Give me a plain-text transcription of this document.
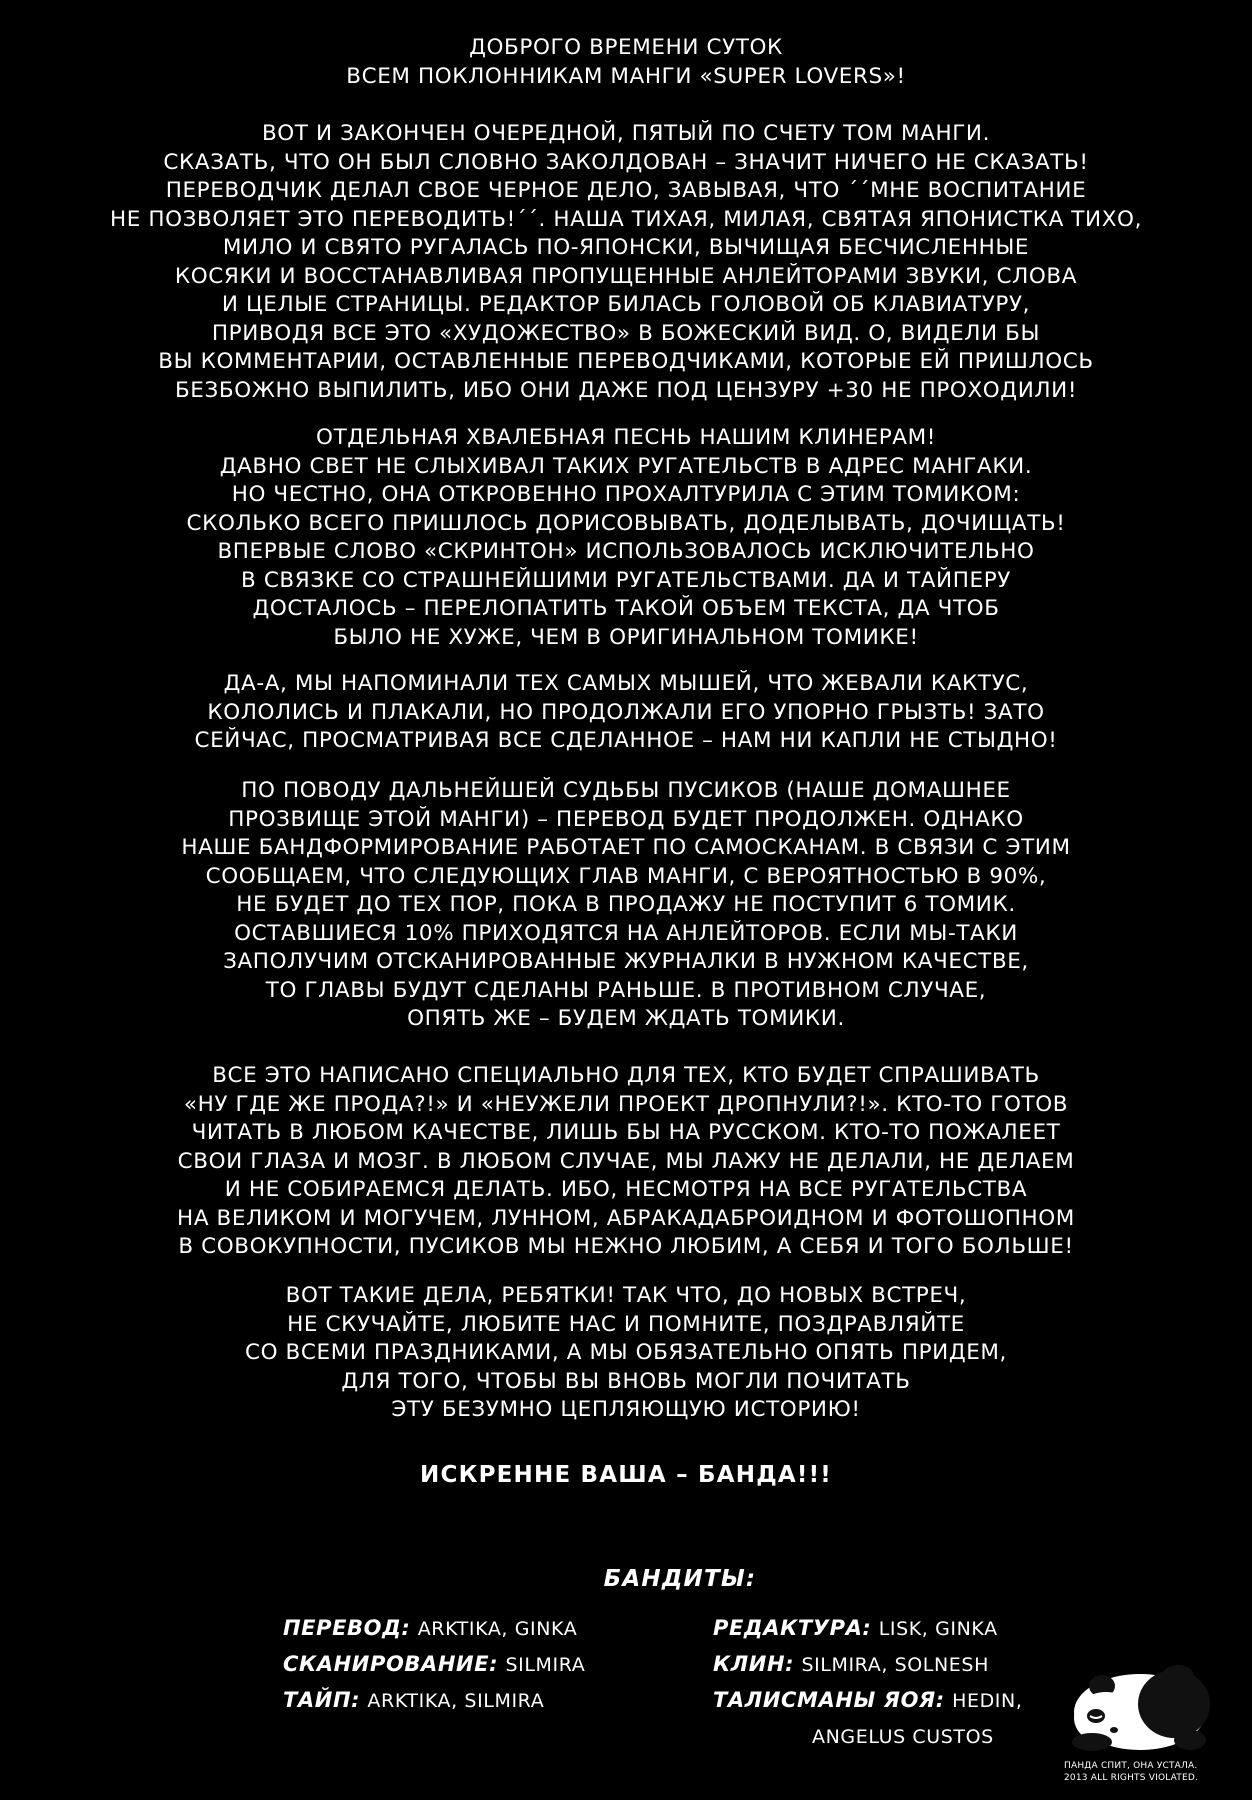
ДОБРОГО ВРЕМЕНИ СУТОК

ВСЕМ ПОКЛОННИКАМ МАНГИ «SUPER LOVERS»!

ВОТ И ЗАКОНЧЕН ОЧЕРЕДНОЙ, ПЯТЫЙ ПО СЧЕТУ ТОМ МАНГИ.

СКАЗАТЬ, ЧТО ОН БЫЛ СЛОВНО ЗАКОЛДОВАН – ЗНАЧИТ НИЧЕГО НЕ СКАЗАТЬ!

ПЕРЕВОДЧИК ДЕЛАЛ СВОЕ ЧЕРНОЕ ДЕЛО, ЗАВЫВАЯ, ЧТО ´´МНЕ ВОСПИТАНИЕ

НЕ ПОЗВОЛЯЕТ ЭТО ПЕРЕВОДИТЬ!´´. НАША ТИХАЯ, МИЛАЯ, СВЯТАЯ ЯПОНИСТКА ТИХО,

МИЛО И СВЯТО РУГАЛАСЬ ПО-ЯПОНСКИ, ВЫЧИЩАЯ БЕСЧИСЛЕННЫЕ

КОСЯКИ И ВОССТАНАВЛИВАЯ ПРОПУЩЕННЫЕ АНЛЕЙТОРАМИ ЗВУКИ, СЛОВА

И ЦЕЛЫЕ СТРАНИЦЫ. РЕДАКТОР БИЛАСЬ ГОЛОВОЙ ОБ КЛАВИАТУРУ,

ПРИВОДЯ ВСЕ ЭТО «ХУДОЖЕСТВО» В БОЖЕСКИЙ ВИД. О, ВИДЕЛИ БЫ

ВЫ КОММЕНТАРИИ, ОСТАВЛЕННЫЕ ПЕРЕВОДЧИКАМИ, КОТОРЫЕ ЕЙ ПРИШЛОСЬ

БЕЗБОЖНО ВЫПИЛИТЬ, ИБО ОНИ ДАЖЕ ПОД ЦЕНЗУРУ +30 НЕ ПРОХОДИЛИ!

ОТДЕЛЬНАЯ ХВАЛЕБНАЯ ПЕСНЬ НАШИМ КЛИНЕРАМ!

ДАВНО СВЕТ НЕ СЛЫХИВАЛ ТАКИХ РУГАТЕЛЬСТВ В АДРЕС МАНГАКИ.

НО ЧЕСТНО, ОНА ОТКРОВЕННО ПРОХАЛТУРИЛА С ЭТИМ ТОМИКОМ:

СКОЛЬКО ВСЕГО ПРИШЛОСЬ ДОРИСОВЫВАТЬ, ДОДЕЛЫВАТЬ, ДОЧИЩАТЬ!

ВПЕРВЫЕ СЛОВО «СКРИНТОН» ИСПОЛЬЗОВАЛОСЬ ИСКЛЮЧИТЕЛЬНО

В СВЯЗКЕ СО СТРАШНЕЙШИМИ РУГАТЕЛЬСТВАМИ. ДА И ТАЙПЕРУ

ДОСТАЛОСЬ – ПЕРЕЛОПАТИТЬ ТАКОЙ ОБЪЕМ ТЕКСТА, ДА ЧТОБ

БЫЛО НЕ ХУЖЕ, ЧЕМ В ОРИГИНАЛЬНОМ ТОМИКЕ!

ДА-А, МЫ НАПОМИНАЛИ ТЕХ САМЫХ МЫШЕЙ, ЧТО ЖЕВАЛИ КАКТУС,

КОЛОЛИСЬ И ПЛАКАЛИ, НО ПРОДОЛЖАЛИ ЕГО УПОРНО ГРЫЗТЬ! ЗАТО

СЕЙЧАС, ПРОСМАТРИВАЯ ВСЕ СДЕЛАННОЕ – НАМ НИ КАПЛИ НЕ СТЫДНО!

ПО ПОВОДУ ДАЛЬНЕЙШЕЙ СУДЬБЫ ПУСИКОВ (НАШЕ ДОМАШНЕЕ

ПРОЗВИЩЕ ЭТОЙ МАНГИ) – ПЕРЕВОД БУДЕТ ПРОДОЛЖЕН. ОДНАКО

НАШЕ БАНДФОРМИРОВАНИЕ РАБОТАЕТ ПО САМОСКАНАМ. В СВЯЗИ С ЭТИМ

СООБЩАЕМ, ЧТО СЛЕДУЮЩИХ ГЛАВ МАНГИ, С ВЕРОЯТНОСТЬЮ В 90%,

НЕ БУДЕТ ДО ТЕХ ПОР, ПОКА В ПРОДАЖУ НЕ ПОСТУПИТ 6 ТОМИК.

ОСТАВШИЕСЯ 10% ПРИХОДЯТСЯ НА АНЛЕЙТОРОВ. ЕСЛИ МЫ-ТАКИ

ЗАПОЛУЧИМ ОТСКАНИРОВАННЫЕ ЖУРНАЛКИ В НУЖНОМ КАЧЕСТВЕ,

ТО ГЛАВЫ БУДУТ СДЕЛАНЫ РАНЬШЕ. В ПРОТИВНОМ СЛУЧАЕ,

ОПЯТЬ ЖЕ – БУДЕМ ЖДАТЬ ТОМИКИ.

ВСЕ ЭТО НАПИСАНО СПЕЦИАЛЬНО ДЛЯ ТЕХ, КТО БУДЕТ СПРАШИВАТЬ

«НУ ГДЕ ЖЕ ПРОДА?!» И «НЕУЖЕЛИ ПРОЕКТ ДРОПНУЛИ?!». КТО-ТО ГОТОВ

ЧИТАТЬ В ЛЮБОМ КАЧЕСТВЕ, ЛИШЬ БЫ НА РУССКОМ. КТО-ТО ПОЖАЛЕЕТ

СВОИ ГЛАЗА И МОЗГ. В ЛЮБОМ СЛУЧАЕ, МЫ ЛАЖУ НЕ ДЕЛАЛИ, НЕ ДЕЛАЕМ

И НЕ СОБИРАЕМСЯ ДЕЛАТЬ. ИБО, НЕСМОТРЯ НА ВСЕ РУГАТЕЛЬСТВА

НА ВЕЛИКОМ И МОГУЧЕМ, ЛУННОМ, АБРАКАДАБРОИДНОМ И ФОТОШОПНОМ

В СОВОКУПНОСТИ, ПУСИКОВ МЫ НЕЖНО ЛЮБИМ, А СЕБЯ И ТОГО БОЛЬШЕ!

ВОТ ТАКИЕ ДЕЛА, РЕБЯТКИ! ТАК ЧТО, ДО НОВЫХ ВСТРЕЧ,

НЕ СКУЧАЙТЕ, ЛЮБИТЕ НАС И ПОМНИТЕ, ПОЗДРАВЛЯЙТЕ

СО ВСЕМИ ПРАЗДНИКАМИ, А МЫ ОБЯЗАТЕЛЬНО ОПЯТЬ ПРИДЕМ,

ДЛЯ ТОГО, ЧТОБЫ ВЫ ВНОВЬ МОГЛИ ПОЧИТАТЬ

ЭТУ БЕЗУМНО ЦЕПЛЯЮЩУЮ ИСТОРИЮ!

ИСКРЕННЕ ВАША – БАНДА!!!
БАНДИТЫ:
ПЕРЕВОД: ARKTIKA, GINKA
СКАНИРОВАНИЕ: SILMIRA
ТАЙП: ARKTIKA, SILMIRA
РЕДАКТУРА: LISK, GINKA
КЛИН: SILMIRA, SOLNESH
ТАЛИСМАНЫ ЯОЯ: HEDIN,
ANGELUS CUSTOS

ПАНДА СПИТ, ОНА УСТАЛА.

2013 ALL RIGHTS VIOLATED.
